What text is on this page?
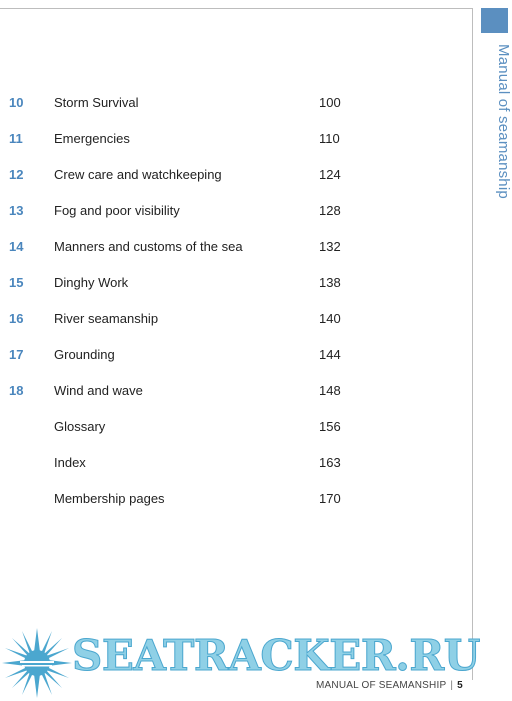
Manual of seamanship
10 Storm Survival	100
11 Emergencies	110
12 Crew care and watchkeeping	124
13 Fog and poor visibility	128
14 Manners and customs of the sea	132
15 Dinghy Work	138
16 River seamanship	140
17 Grounding	144
18 Wind and wave	148
Glossary	156
Index	163
Membership pages	170
SEATRACKER.RU
MANUAL OF SEAMANSHIP | 5
